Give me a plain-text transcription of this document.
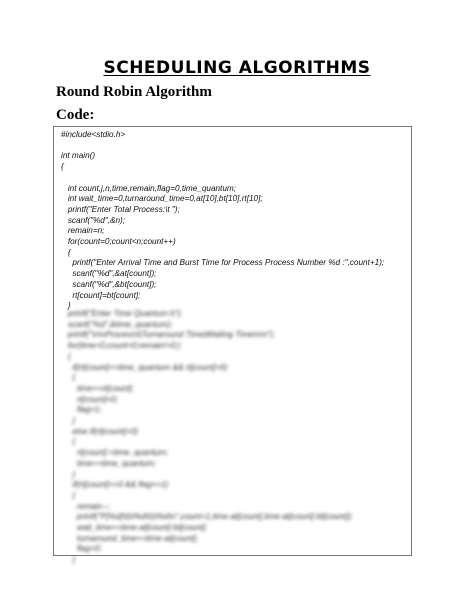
SCHEDULING ALGORITHMS
Round Robin Algorithm
Code:
#include<stdio.h>

int main()
{

int count,j,n,time,remain,flag=0,time_quantum;
int wait_time=0,turnaround_time=0,at[10],bt[10],rt[10];
printf("Enter Total Process:\t ");
scanf("%d",&n);
remain=n;
for(count=0;count<n;count++)
{
printf("Enter Arrival Time and Burst Time for Process Process Number %d :",count+1);
scanf("%d",&at[count]);
scanf("%d",&bt[count]);
rt[count]=bt[count];
}

printf("Enter Time Quantum:\t");
scanf("%d",&time_quantum);
printf("\n\nProcess\t|Turnaround Time|Waiting Time\n\n");
for(time=0,count=0;remain!=0;)
{
if(rt[count]<=time_quantum && rt[count]>0)
{
time+=rt[count];
rt[count]=0;
flag=1;
}
else if(rt[count]>0)
{
rt[count]-=time_quantum;
time+=time_quantum;
}
if(rt[count]==0 && flag==1)
{
remain--;
printf("P[%d]\t|\t%d\t|\t%d\n",count+1,time-at[count],time-at[count]-bt[count]);
wait_time+=time-at[count]-bt[count];
turnaround_time+=time-at[count];
flag=0;
}
